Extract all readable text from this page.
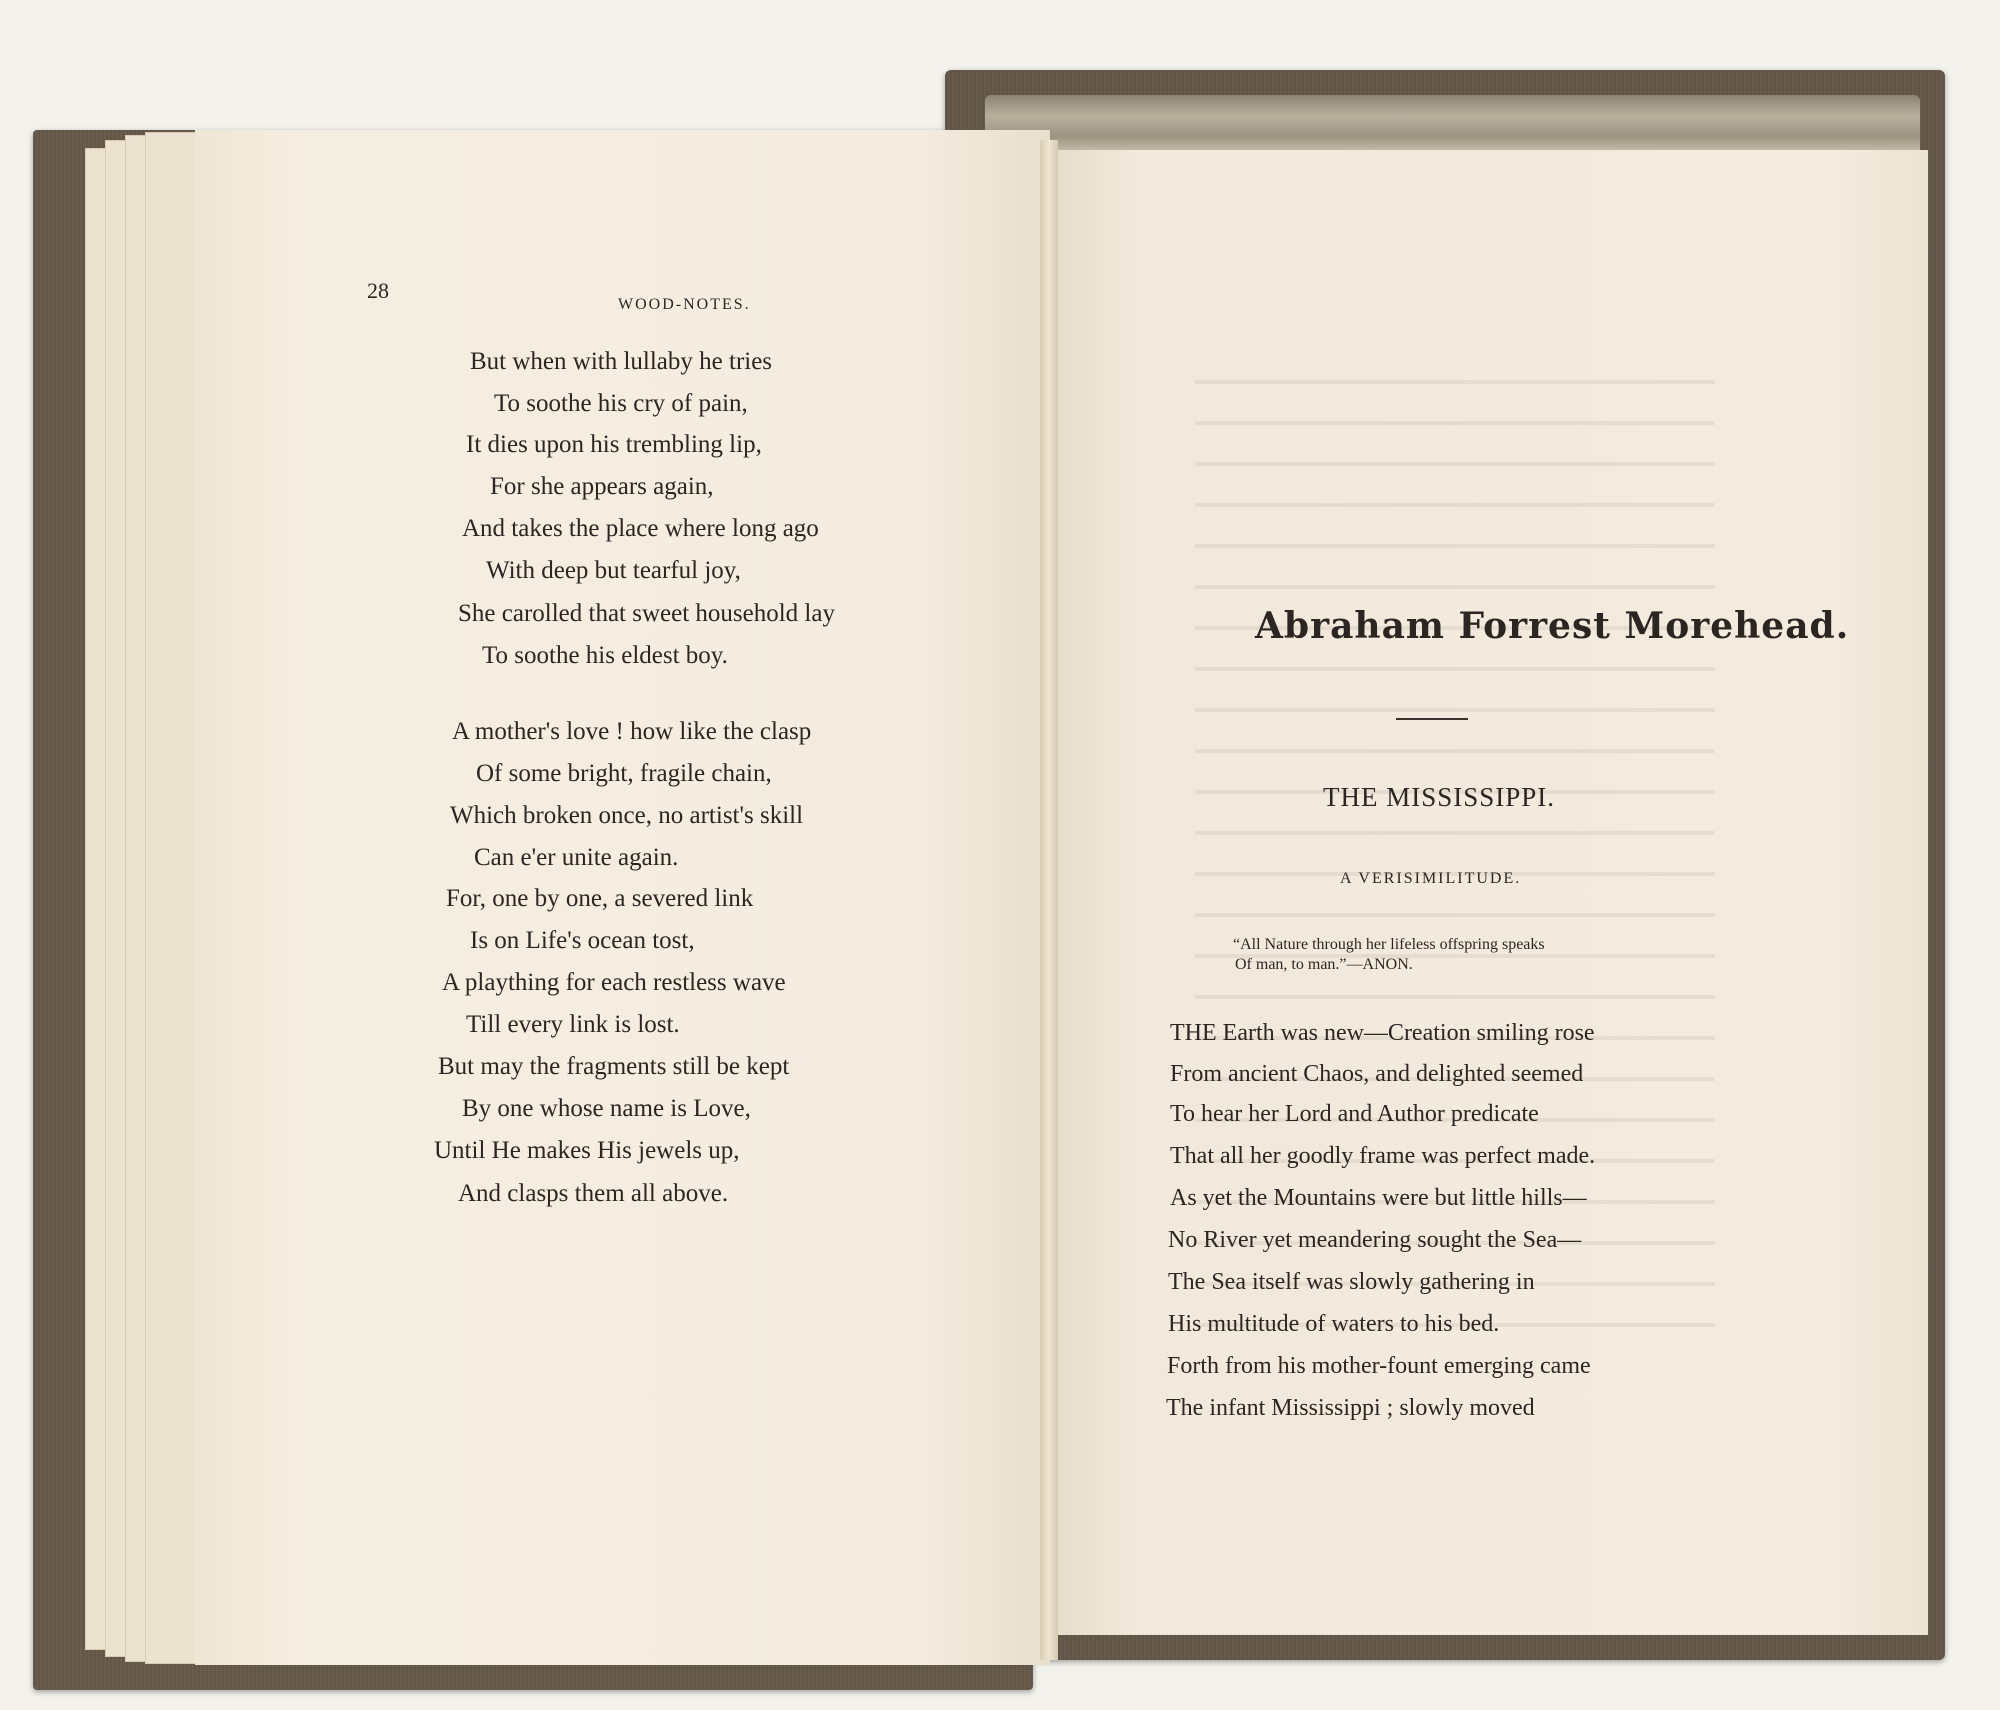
28
WOOD-NOTES.
But when with lullaby he tries
To soothe his cry of pain,
It dies upon his trembling lip,
For she appears again,
And takes the place where long ago
With deep but tearful joy,
She carolled that sweet household lay
To soothe his eldest boy.
A mother's love ! how like the clasp
Of some bright, fragile chain,
Which broken once, no artist's skill
Can e'er unite again.
For, one by one, a severed link
Is on Life's ocean tost,
A plaything for each restless wave
Till every link is lost.
But may the fragments still be kept
By one whose name is Love,
Until He makes His jewels up,
And clasps them all above.
Abraham Forrest Morehead.
THE MISSISSIPPI.
A VERISIMILITUDE.
“All Nature through her lifeless offspring speaks
Of man, to man.”—ANON.
THE Earth was new—Creation smiling rose
From ancient Chaos, and delighted seemed
To hear her Lord and Author predicate
That all her goodly frame was perfect made.
As yet the Mountains were but little hills—
No River yet meandering sought the Sea—
The Sea itself was slowly gathering in
His multitude of waters to his bed.
Forth from his mother-fount emerging came
The infant Mississippi ; slowly moved
